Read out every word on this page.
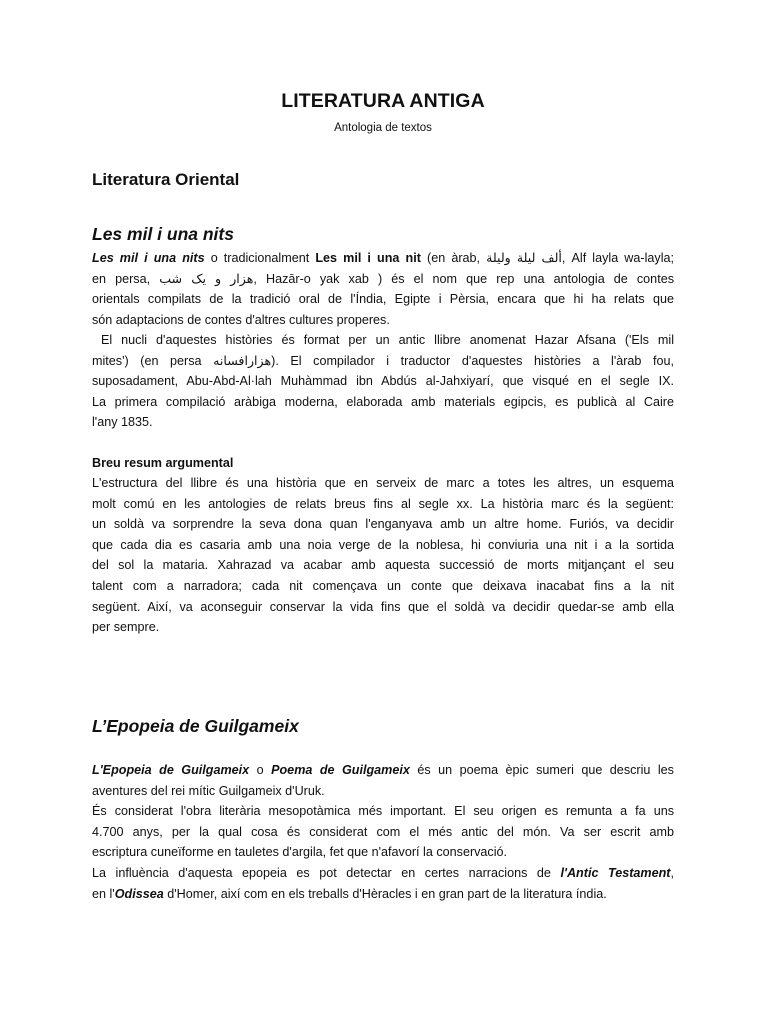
LITERATURA ANTIGA

Antologia de textos

Literatura Oriental
Les mil i una nits
Les mil i una nits o tradicionalment Les mil i una nit (en àrab, ألف ليلة وليلة, Alf layla wa-layla;
en persa, هزار و یک شب, Hazār-o yak xab ) és el nom que rep una antologia de contes
orientals compilats de la tradició oral de l'Índia, Egipte i Pèrsia, encara que hi ha relats que
són adaptacions de contes d'altres cultures properes.
El nucli d'aquestes històries és format per un antic llibre anomenat Hazar Afsana ('Els mil
mites') (en persa هزارافسانه). El compilador i traductor d'aquestes històries a l'àrab fou,
suposadament, Abu-Abd-Al·lah Muhàmmad ibn Abdús al-Jahxiyarí, que visqué en el segle IX.
La primera compilació aràbiga moderna, elaborada amb materials egipcis, es publicà al Caire
l'any 1835.

Breu resum argumental

L'estructura del llibre és una història que en serveix de marc a totes les altres, un esquema
molt comú en les antologies de relats breus fins al segle xx. La història marc és la següent:
un soldà va sorprendre la seva dona quan l'enganyava amb un altre home. Furiós, va decidir
que cada dia es casaria amb una noia verge de la noblesa, hi conviuria una nit i a la sortida
del sol la mataria. Xahrazad va acabar amb aquesta successió de morts mitjançant el seu
talent com a narradora; cada nit començava un conte que deixava inacabat fins a la nit
següent. Així, va aconseguir conservar la vida fins que el soldà va decidir quedar-se amb ella
per sempre.
L’Epopeia de Guilgameix
L'Epopeia de Guilgameix o Poema de Guilgameix és un poema èpic sumeri que descriu les
aventures del rei mític Guilgameix d'Uruk.
És considerat l'obra literària mesopotàmica més important. El seu origen es remunta a fa uns
4.700 anys, per la qual cosa és considerat com el més antic del món. Va ser escrit amb
escriptura cuneïforme en tauletes d'argila, fet que n'afavorí la conservació.
La influència d'aquesta epopeia es pot detectar en certes narracions de l'Antic Testament,
en l'Odissea d'Homer, així com en els treballs d'Hèracles i en gran part de la literatura índia.
